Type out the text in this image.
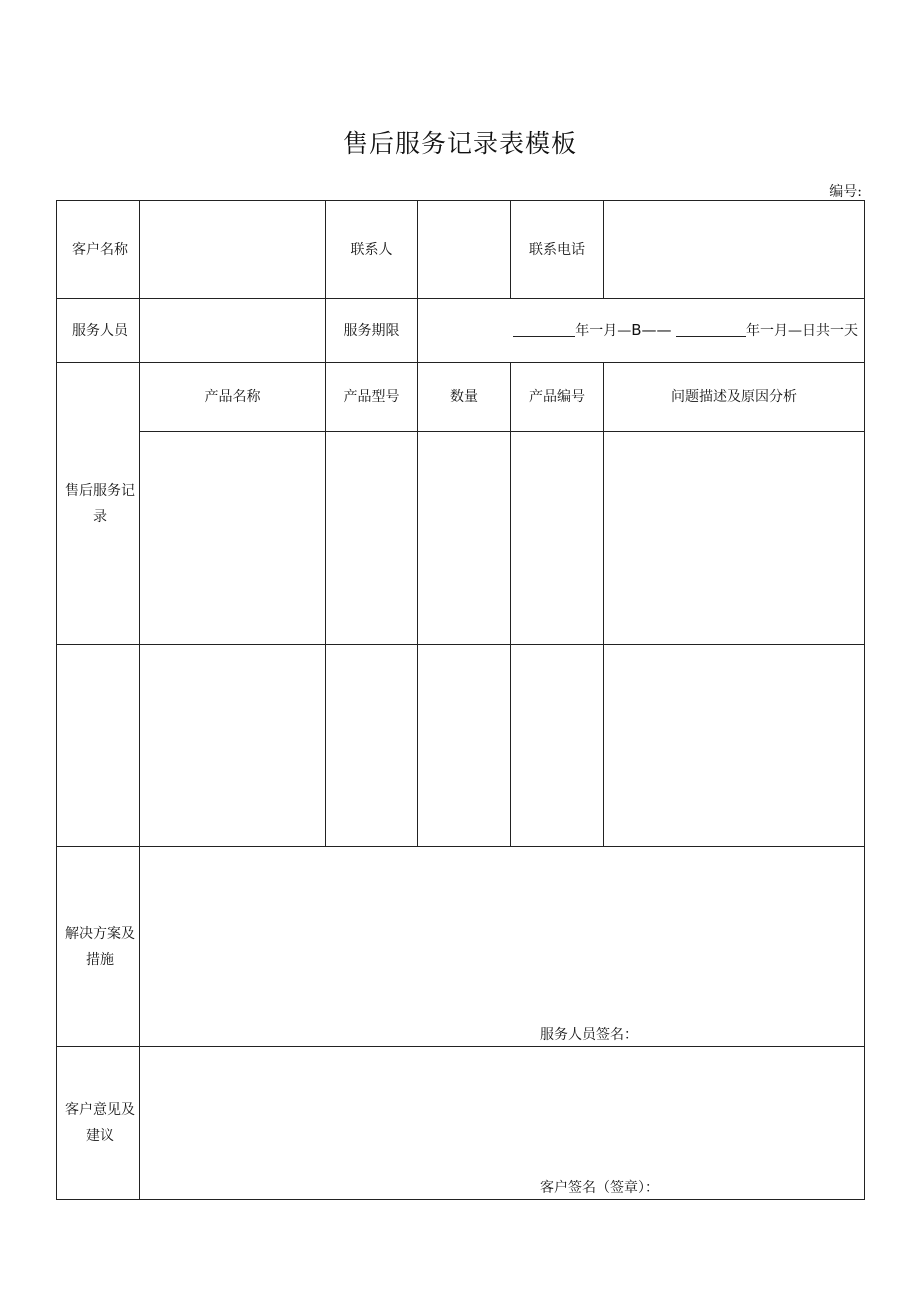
售后服务记录表模板
编号:
客户名称		联系人		联系电话	
服务人员		服务期限	年一月—B—— 年一月—日共一天		
售后服务记录	产品名称	产品型号	数量	产品编号	问题描述及原因分析

解决方案及措施	服务人员签名：				

客户意见及建议	客户签名（签章）：				
